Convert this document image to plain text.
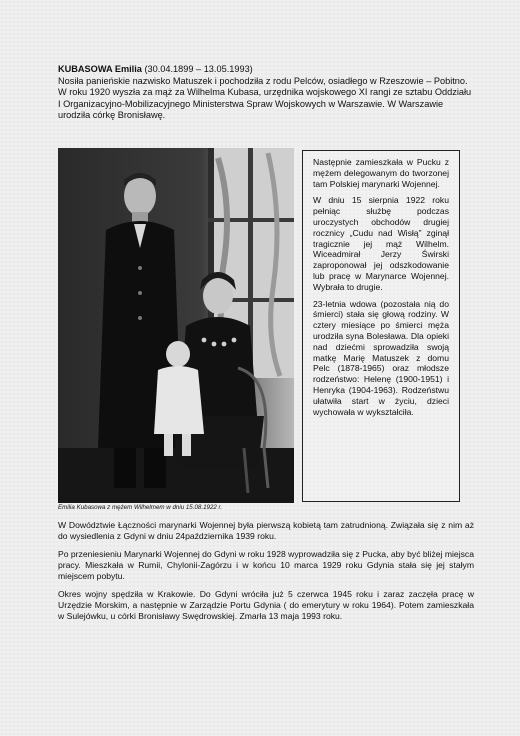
KUBASOWA Emilia (30.04.1899 – 13.05.1993)

Nosiła panieńskie nazwisko Matuszek i pochodziła z rodu Pelców, osiadłego w Rzeszowie – Pobitno.

W roku 1920 wyszła za mąż za Wilhelma Kubasa, urzędnika wojskowego XI rangi ze sztabu Oddziału I Organizacyjno-Mobilizacyjnego Ministerstwa Spraw Wojskowych w Warszawie. W Warszawie urodziła córkę Bronisławę.

Emilia Kubasowa z mężem Wilhelmem w dniu 15.08.1922 r.

Następnie zamieszkała w Pucku z mężem delegowanym do tworzonej tam Polskiej marynarki Wojennej.

W dniu 15 sierpnia 1922 roku pełniąc służbę podczas uroczystych obchodów drugiej rocznicy „Cudu nad Wisłą” zginął tragicznie jej mąż Wilhelm. Wiceadmirał Jerzy Świrski zaproponował jej odszkodowanie lub pracę w Marynarce Wojennej. Wybrała to drugie.

23-letnia wdowa (pozostała nią do śmierci) stała się głową rodziny. W cztery miesiące po śmierci męża urodziła syna Bolesława. Dla opieki nad dziećmi sprowadziła swoją matkę Marię Matuszek z domu Pelc (1878-1965) oraz młodsze rodzeństwo: Helenę (1900-1951) i Henryka (1904-1963). Rodzeństwu ułatwiła start w życiu, dzieci wychowała w wykształciła.

W Dowództwie Łączności marynarki Wojennej była pierwszą kobietą tam zatrudnioną. Związała się z nim aż do wysiedlenia z Gdyni w dniu 24października 1939 roku.

Po przeniesieniu Marynarki Wojennej do Gdyni w roku 1928 wyprowadziła się z Pucka, aby być bliżej miejsca pracy. Mieszkała w Rumii, Chylonii-Zagórzu i w końcu 10 marca 1929 roku Gdynia stała się jej stałym miejscem pobytu.

Okres wojny spędziła w Krakowie. Do Gdyni wróciła już 5 czerwca 1945 roku i zaraz zaczęła pracę w Urzędzie Morskim, a następnie w Zarządzie Portu Gdynia ( do emerytury w roku 1964). Potem zamieszkała w Sulejówku, u córki Bronisławy Swędrowskiej. Zmarła 13 maja 1993 roku.
